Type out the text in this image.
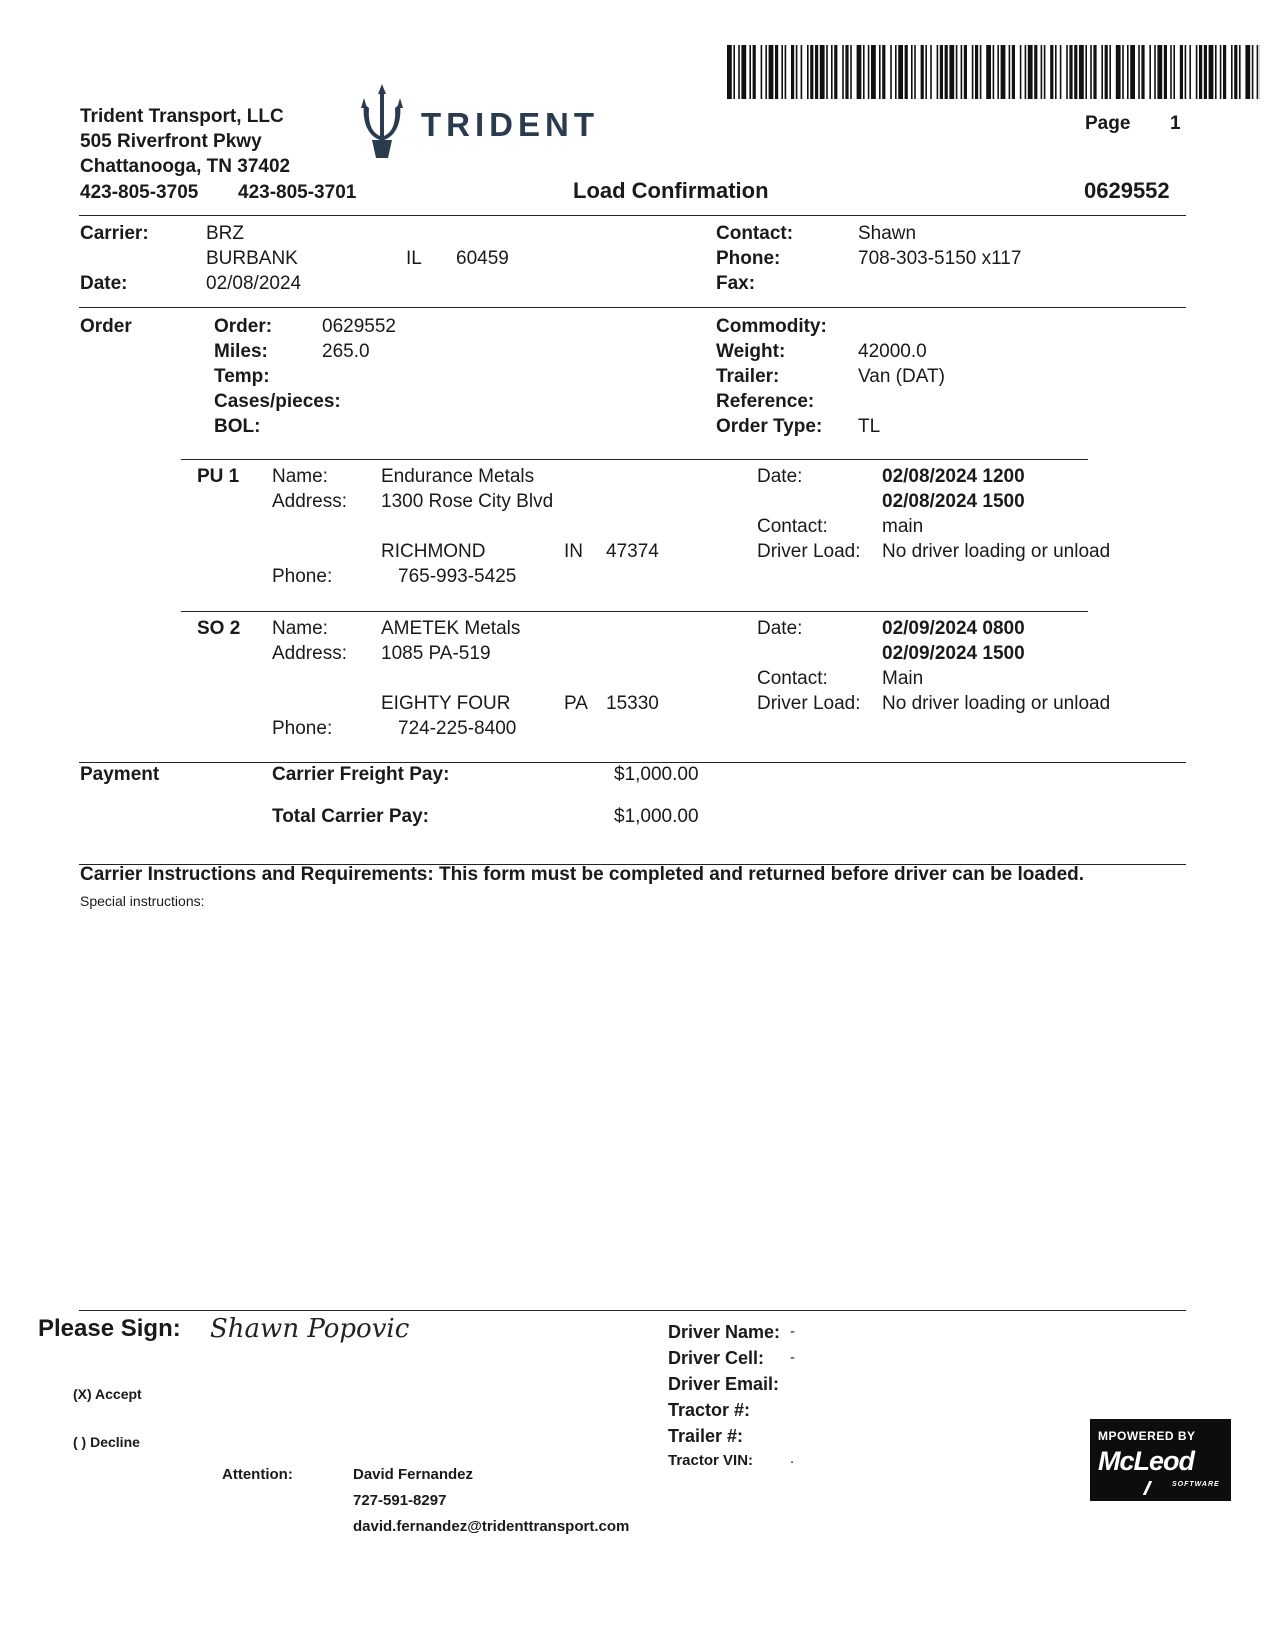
Trident Transport, LLC
505 Riverfront Pkwy
Chattanooga, TN 37402
423-805-3705 423-805-3701
TRIDENT	Page 1
Load Confirmation	0629552
Carrier:	BRZ
BURBANK	IL 60459
Date:	02/08/2024
Contact:	Shawn
Phone:	708-303-5150 x117
Fax:
Order	Order:	0629552
Miles:	265.0
Temp:
Cases/pieces:
BOL:
Commodity:
Weight:	42000.0
Trailer:	Van (DAT)
Reference:
Order Type: TL
PU 1 Name:	Endurance Metals
Address: 1300 Rose City Blvd
RICHMOND	IN 47374
Phone:	765-993-5425
Date:	02/08/2024 1200
02/08/2024 1500
Contact:	main
Driver Load: No driver loading or unload
SO 2 Name:	AMETEK Metals
Address: 1085 PA-519
EIGHTY FOUR	PA 15330
Phone:	724-225-8400
Date:	02/09/2024 0800
02/09/2024 1500
Contact:	Main
Driver Load: No driver loading or unload
Payment	Carrier Freight Pay:	$1,000.00
Total Carrier Pay:	$1,000.00
Carrier Instructions and Requirements: This form must be completed and returned before driver can be loaded.
Special instructions:
Please Sign: Shawn Popovic
(X) Accept
( ) Decline
Attention:	David Fernandez
727-591-8297
david.fernandez@tridenttransport.com
Driver Name: -
Driver Cell: -
Driver Email:
Tractor #:
Trailer #:
Tractor VIN: .
MPOWERED BY
McLeod
SOFTWARE
